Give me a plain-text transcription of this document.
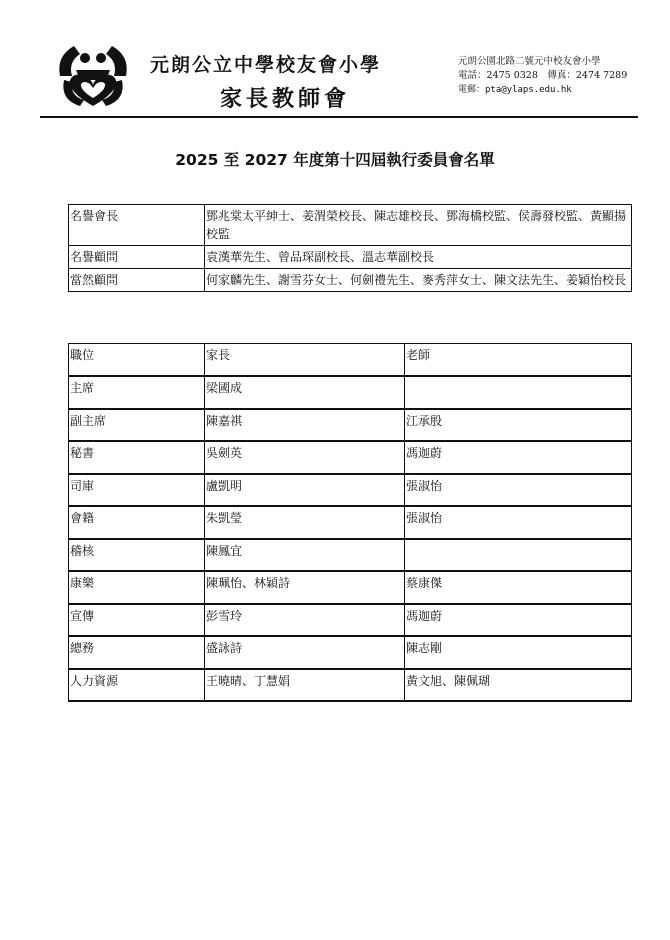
元朗公立中學校友會小學
家長教師會
元朗公園北路二號元中校友會小學
電話：2475 0328　傳真：2474 7289
電郵：pta@ylaps.edu.hk
2025 至 2027 年度第十四屆執行委員會名單
名譽會長	鄧兆棠太平紳士、姜渭榮校長、陳志雄校長、鄧海橋校監、侯壽發校監、黃顯揚校監
名譽顧問	袁漢華先生、曾品琛副校長、溫志華副校長
當然顧問	何家麟先生、謝雪芬女士、何劍禮先生、麥秀萍女士、陳文法先生、姜穎怡校長
職位	家長	老師
主席	梁國成	
副主席	陳嘉祺	江承殷
秘書	吳劍英	馮迦蔚
司庫	盧凱明	張淑怡
會籍	朱凱瑩	張淑怡
稽核	陳鳳宜	
康樂	陳珮怡、林穎詩	蔡康傑
宣傳	彭雪玲	馮迦蔚
總務	盛詠詩	陳志剛
人力資源	王曉晴、丁慧娟	黃文旭、陳佩瑚
